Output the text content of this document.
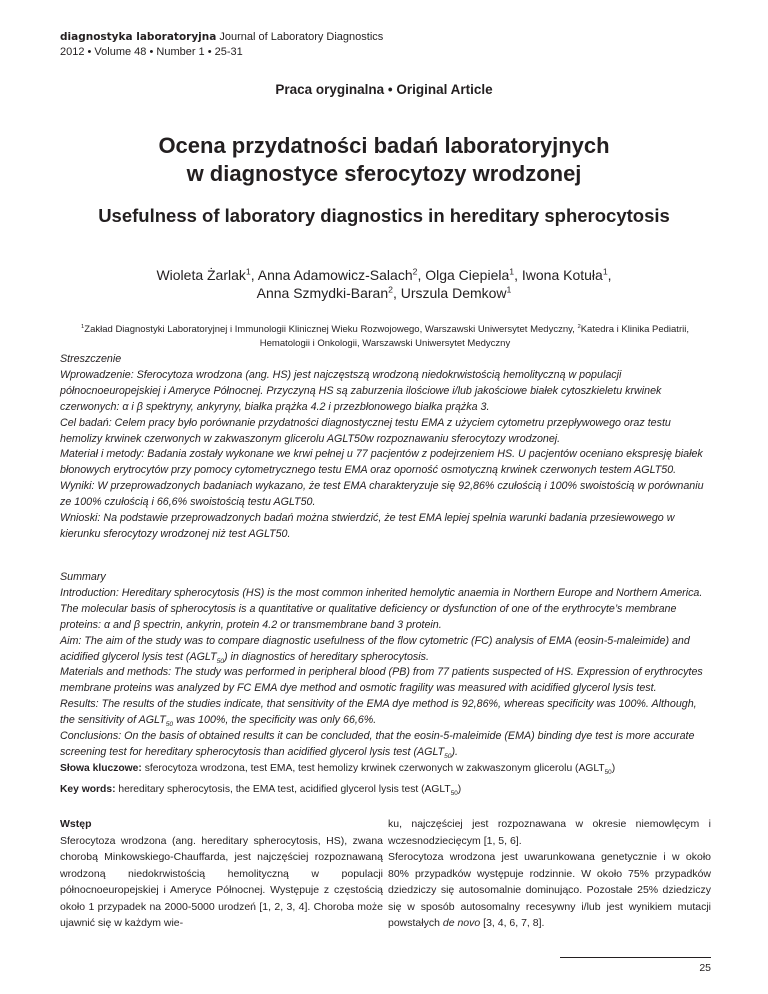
diagnostyka laboratoryjna Journal of Laboratory Diagnostics
2012 • Volume 48 • Number 1 • 25-31
Praca oryginalna • Original Article
Ocena przydatności badań laboratoryjnych
w diagnostyce sferocytozy wrodzonej
Usefulness of laboratory diagnostics in hereditary spherocytosis
Wioleta Żarlak$^1$, Anna Adamowicz-Salach$^2$, Olga Ciepiela$^1$, Iwona Kotuła$^1$,
Anna Szmydki-Baran$^2$, Urszula Demkow$^1$
$^1$Zakład Diagnostyki Laboratoryjnej i Immunologii Klinicznej Wieku Rozwojowego, Warszawski Uniwersytet Medyczny, $^2$Katedra i Klinika Pediatrii, Hematologii i Onkologii, Warszawski Uniwersytet Medyczny

Streszczenie

Wprowadzenie: Sferocytoza wrodzona (ang. HS) jest najczęstszą wrodzoną niedokrwistością hemolityczną w populacji północnoeuropejskiej i Ameryce Północnej. Przyczyną HS są zaburzenia ilościowe i/lub jakościowe białek cytoszkieletu krwinek czerwonych: α i β spektryny, ankyryny, białka prążka 4.2 i przezbłonowego białka prążka 3.

Cel badań: Celem pracy było porównanie przydatności diagnostycznej testu EMA z użyciem cytometru przepływowego oraz testu hemolizy krwinek czerwonych w zakwaszonym glicerolu AGLT50w rozpoznawaniu sferocytozy wrodzonej.

Materiał i metody: Badania zostały wykonane we krwi pełnej u 77 pacjentów z podejrzeniem HS. U pacjentów oceniano ekspresję białek błonowych erytrocytów przy pomocy cytometrycznego testu EMA oraz oporność osmotyczną krwinek czerwonych testem AGLT50.

Wyniki: W przeprowadzonych badaniach wykazano, że test EMA charakteryzuje się 92,86% czułością i 100% swoistością w porównaniu ze 100% czułością i 66,6% swoistością testu AGLT50.

Wnioski: Na podstawie przeprowadzonych badań można stwierdzić, że test EMA lepiej spełnia warunki badania przesiewowego w kierunku sferocytozy wrodzonej niż test AGLT50.

Summary

Introduction: Hereditary spherocytosis (HS) is the most common inherited hemolytic anaemia in Northern Europe and Northern America. The molecular basis of spherocytosis is a quantitative or qualitative deficiency or dysfunction of one of the erythrocyte’s membrane proteins: α and β spectrin, ankyrin, protein 4.2 or transmembrane band 3 protein.

Aim: The aim of the study was to compare diagnostic usefulness of the flow cytometric (FC) analysis of EMA (eosin-5-maleimide) and acidified glycerol lysis test $(AGLT_{50})$ in diagnostics of hereditary spherocytosis.

Materials and methods: The study was performed in peripheral blood (PB) from 77 patients suspected of HS. Expression of erythrocytes membrane proteins was analyzed by FC EMA dye method and osmotic fragility was measured with acidified glycerol lysis test.

Results: The results of the studies indicate, that sensitivity of the EMA dye method is 92,86%, whereas specificity was 100%. Although, the sensitivity of $AGLT_{50}$ was 100%, the specificity was only 66,6%.

Conclusions: On the basis of obtained results it can be concluded, that the eosin-5-maleimide (EMA) binding dye test is more accurate screening test for hereditary spherocytosis than acidified glycerol lysis test $(AGLT_{50})$.

Słowa kluczowe: sferocytoza wrodzona, test EMA, test hemolizy krwinek czerwonych w zakwaszonym glicerolu $(AGLT_{50})$

Key words: hereditary spherocytosis, the EMA test, acidified glycerol lysis test $(AGLT_{50})$

Wstęp

Sferocytoza wrodzona (ang. hereditary spherocytosis, HS), zwana chorobą Minkowskiego-Chauffarda, jest najczęściej rozpoznawaną wrodzoną niedokrwistością hemolityczną w populacji północnoeuropejskiej i Ameryce Północnej. Występuje z częstością około 1 przypadek na 2000-5000 urodzeń [1, 2, 3, 4]. Choroba może ujawnić się w każdym wie-

ku, najczęściej jest rozpoznawana w okresie niemowlęcym i wczesnodziecięcym [1, 5, 6].

Sferocytoza wrodzona jest uwarunkowana genetycznie i w około 80% przypadków występuje rodzinnie. W około 75% przypadków dziedziczy się autosomalnie dominująco. Pozostałe 25% dziedziczy się w sposób autosomalny recesywny i/lub jest wynikiem mutacji powstałych de novo [3, 4, 6, 7, 8].

25
